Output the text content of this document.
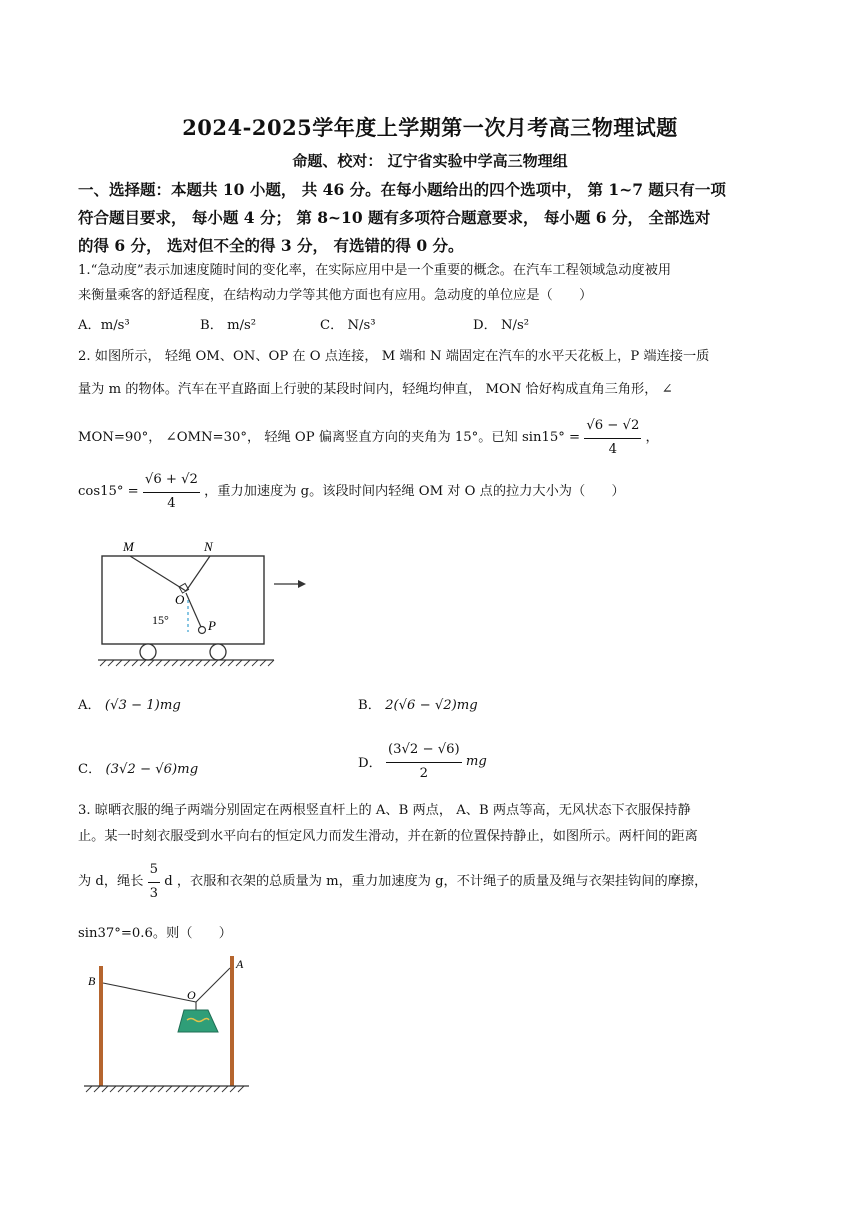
2024-2025学年度上学期第一次月考高三物理试题
命题、校对： 辽宁省实验中学高三物理组
一、选择题：本题共 10 小题， 共 46 分。在每小题给出的四个选项中， 第 1~7 题只有一项
符合题目要求， 每小题 4 分； 第 8~10 题有多项符合题意要求， 每小题 6 分， 全部选对
的得 6 分， 选对但不全的得 3 分， 有选错的得 0 分。
1.“急动度”表示加速度随时间的变化率，在实际应用中是一个重要的概念。在汽车工程领域急动度被用
来衡量乘客的舒适程度，在结构动力学等其他方面也有应用。急动度的单位应是（　　）
A．m/s³	B． m/s²	C． N/s³	D． N/s²
2. 如图所示， 轻绳 OM、ON、OP 在 O 点连接， M 端和 N 端固定在汽车的水平天花板上，P 端连接一质
量为 m 的物体。汽车在平直路面上行驶的某段时间内，轻绳均伸直， MON 恰好构成直角三角形， ∠
MON=90°， ∠OMN=30°， 轻绳 OP 偏离竖直方向的夹角为 15°。已知 $\sin 15^\circ = \frac{√6 - √2}{4}$ ，
$\cos 15^\circ = \frac{√6 + √2}{4}$ ，重力加速度为 g。该段时间内轻绳 OM 对 O 点的拉力大小为（　　）
M	N
O
P
15°
A． (√3 − 1)mg	B． 2(√6 − √2)mg
C． (3√2 − √6)mg	D． $\frac{(3√2 - √6)}{2}$ mg
3. 晾晒衣服的绳子两端分别固定在两根竖直杆上的 A、B 两点， A、B 两点等高，无风状态下衣服保持静
止。某一时刻衣服受到水平向右的恒定风力而发生滑动，并在新的位置保持静止，如图所示。两杆间的距离
为 d，绳长 $\frac{5}{3}$ d ，衣服和衣架的总质量为 m，重力加速度为 g，不计绳子的质量及绳与衣架挂钩间的摩擦，
sin37°=0.6。则（　　）
B
A
O
